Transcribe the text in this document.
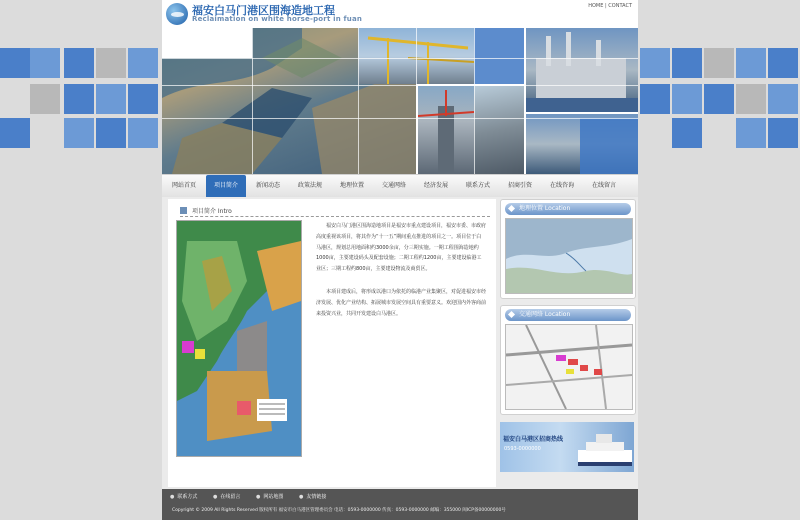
福安白马门港区围海造地工程
Reclaimation on white horse-port in fuan
HOME | CONTACT
网站首页	项目简介	新闻动态	政策法规	地理位置	交通网络	经济发展	联系方式	招商引资	在线咨询	在线留言
项目简介 Intro

福安白马门港区围海造地项目是福安市重点建设项目，福安市委、市政府高度重视该项目，将其作为“十一五”期间重点推进的项目之一。项目位于白马港区，规划总用地面积约3000余亩，分三期实施。一期工程围海造地约1000亩，主要建设码头及配套设施；二期工程约1200亩，主要建设临港工业区；三期工程约800亩，主要建设物流及商贸区。

本项目建成后，将形成以港口为依托的临港产业集聚区，对促进福安市经济发展、优化产业结构、拓展城市发展空间具有重要意义。欢迎国内外客商前来投资兴业，共同开发建设白马港区。

地理位置 Location
交通网络 Location
福安白马港区招商热线
0593-0000000
● 联系方式	● 在线留言	● 网站地图	● 友情链接
Copyright © 2009 All Rights Reserved 版权所有 福安市白马港区管理委员会 电话：0593-0000000 传真：0593-0000000 邮编：355000 闽ICP备00000000号
